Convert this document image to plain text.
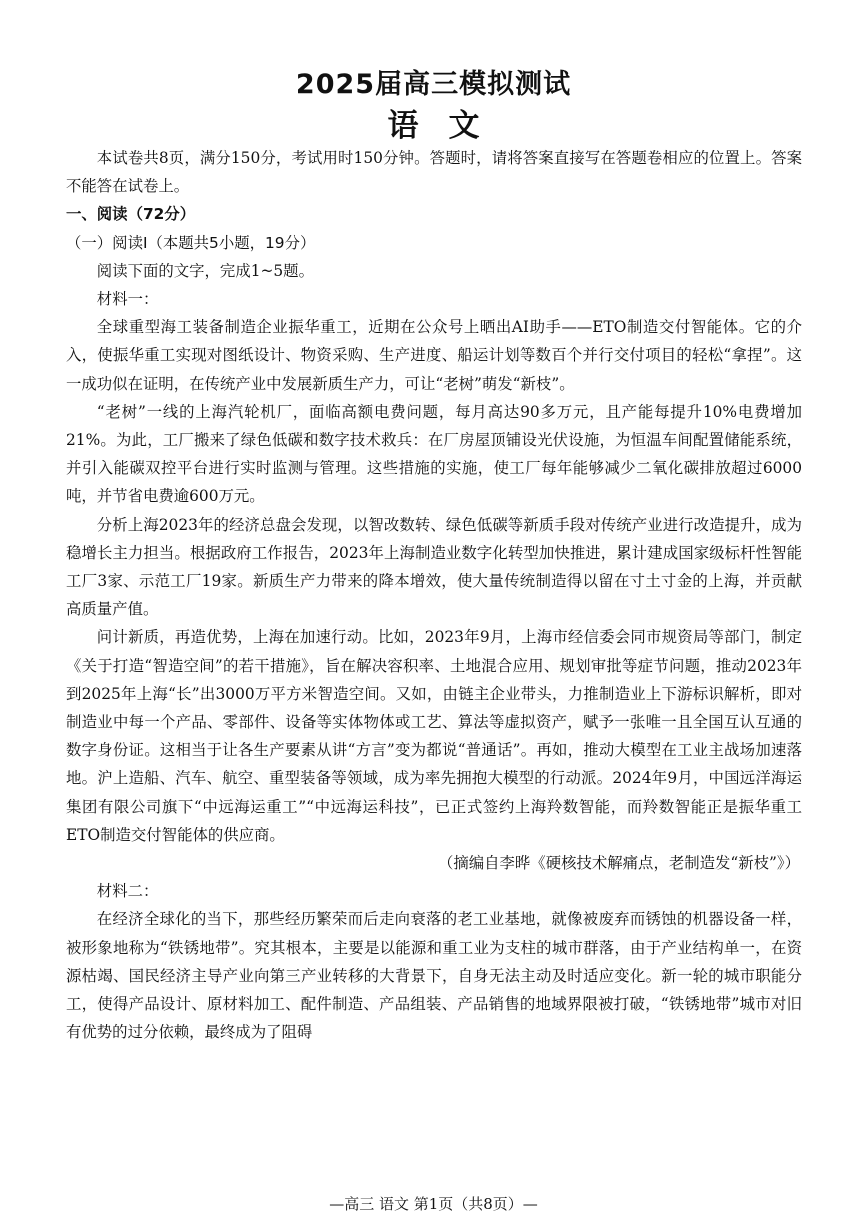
2025届高三模拟测试
语文

本试卷共8页，满分150分，考试用时150分钟。答题时，请将答案直接写在答题卷相应的位置上。答案不能答在试卷上。

一、阅读（72分）

（一）阅读I（本题共5小题，19分）

阅读下面的文字，完成1~5题。

材料一：

全球重型海工装备制造企业振华重工，近期在公众号上晒出AI助手——ETO制造交付智能体。它的介入，使振华重工实现对图纸设计、物资采购、生产进度、船运计划等数百个并行交付项目的轻松“拿捏”。这一成功似在证明，在传统产业中发展新质生产力，可让“老树”萌发“新枝”。

“老树”一线的上海汽轮机厂，面临高额电费问题，每月高达90多万元，且产能每提升10%电费增加21%。为此，工厂搬来了绿色低碳和数字技术救兵：在厂房屋顶铺设光伏设施，为恒温车间配置储能系统，并引入能碳双控平台进行实时监测与管理。这些措施的实施，使工厂每年能够减少二氧化碳排放超过6000吨，并节省电费逾600万元。

分析上海2023年的经济总盘会发现，以智改数转、绿色低碳等新质手段对传统产业进行改造提升，成为稳增长主力担当。根据政府工作报告，2023年上海制造业数字化转型加快推进，累计建成国家级标杆性智能工厂3家、示范工厂19家。新质生产力带来的降本增效，使大量传统制造得以留在寸土寸金的上海，并贡献高质量产值。

问计新质，再造优势，上海在加速行动。比如，2023年9月，上海市经信委会同市规资局等部门，制定《关于打造“智造空间”的若干措施》，旨在解决容积率、土地混合应用、规划审批等症节问题，推动2023年到2025年上海“长”出3000万平方米智造空间。又如，由链主企业带头，力推制造业上下游标识解析，即对制造业中每一个产品、零部件、设备等实体物体或工艺、算法等虚拟资产，赋予一张唯一且全国互认互通的数字身份证。这相当于让各生产要素从讲“方言”变为都说“普通话”。再如，推动大模型在工业主战场加速落地。沪上造船、汽车、航空、重型装备等领域，成为率先拥抱大模型的行动派。2024年9月，中国远洋海运集团有限公司旗下“中远海运重工”“中远海运科技”，已正式签约上海羚数智能，而羚数智能正是振华重工ETO制造交付智能体的供应商。

（摘编自李晔《硬核技术解痛点，老制造发“新枝”》）

材料二：

在经济全球化的当下，那些经历繁荣而后走向衰落的老工业基地，就像被废弃而锈蚀的机器设备一样，被形象地称为“铁锈地带”。究其根本，主要是以能源和重工业为支柱的城市群落，由于产业结构单一，在资源枯竭、国民经济主导产业向第三产业转移的大背景下，自身无法主动及时适应变化。新一轮的城市职能分工，使得产品设计、原材料加工、配件制造、产品组装、产品销售的地域界限被打破，“铁锈地带”城市对旧有优势的过分依赖，最终成为了阻碍

—高三 语文 第1页（共8页）—
